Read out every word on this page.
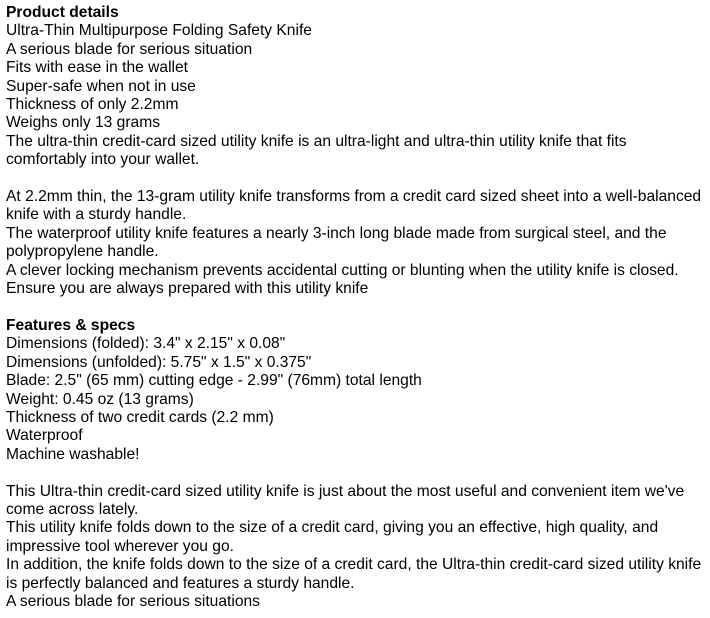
Product details
Ultra-Thin Multipurpose Folding Safety Knife
A serious blade for serious situation
Fits with ease in the wallet
Super-safe when not in use
Thickness of only 2.2mm
Weighs only 13 grams
The ultra-thin credit-card sized utility knife is an ultra-light and ultra-thin utility knife that fits comfortably into your wallet.
At 2.2mm thin, the 13-gram utility knife transforms from a credit card sized sheet into a well-balanced knife with a sturdy handle.
The waterproof utility knife features a nearly 3-inch long blade made from surgical steel, and the polypropylene handle.
A clever locking mechanism prevents accidental cutting or blunting when the utility knife is closed.
Ensure you are always prepared with this utility knife
Features & specs
Dimensions (folded): 3.4" x 2.15" x 0.08"
Dimensions (unfolded): 5.75" x 1.5" x 0.375"
Blade: 2.5" (65 mm) cutting edge - 2.99" (76mm) total length
Weight: 0.45 oz (13 grams)
Thickness of two credit cards (2.2 mm)
Waterproof
Machine washable!
This Ultra-thin credit-card sized utility knife is just about the most useful and convenient item we've come across lately.
This utility knife folds down to the size of a credit card, giving you an effective, high quality, and impressive tool wherever you go.
In addition, the knife folds down to the size of a credit card, the Ultra-thin credit-card sized utility knife is perfectly balanced and features a sturdy handle.
A serious blade for serious situations
